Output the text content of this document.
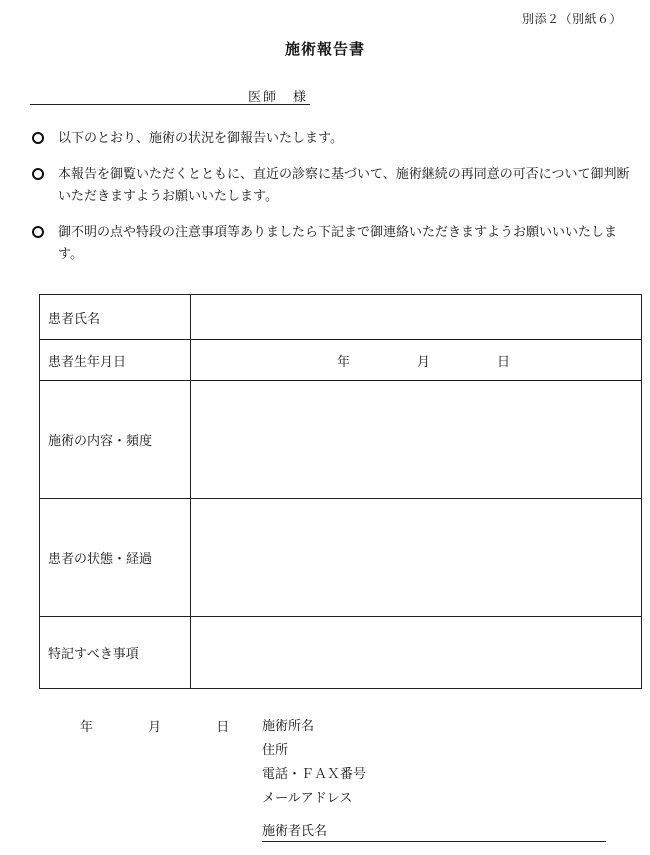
別添２（別紙６）
施術報告書
医師　様
以下のとおり、施術の状況を御報告いたします。
本報告を御覧いただくとともに、直近の診察に基づいて、施術継続の再同意の可否について御判断いただきますようお願いいたします。
御不明の点や特段の注意事項等ありましたら下記まで御連絡いただきますようお願いいいたします。
患者氏名	
患者生年月日	年 月 日

施術の内容・頻度	
患者の状態・経過	
特記すべき事項	
年	月	日	施術所名
住所
電話・ＦＡＸ番号
メールアドレス
施術者氏名
